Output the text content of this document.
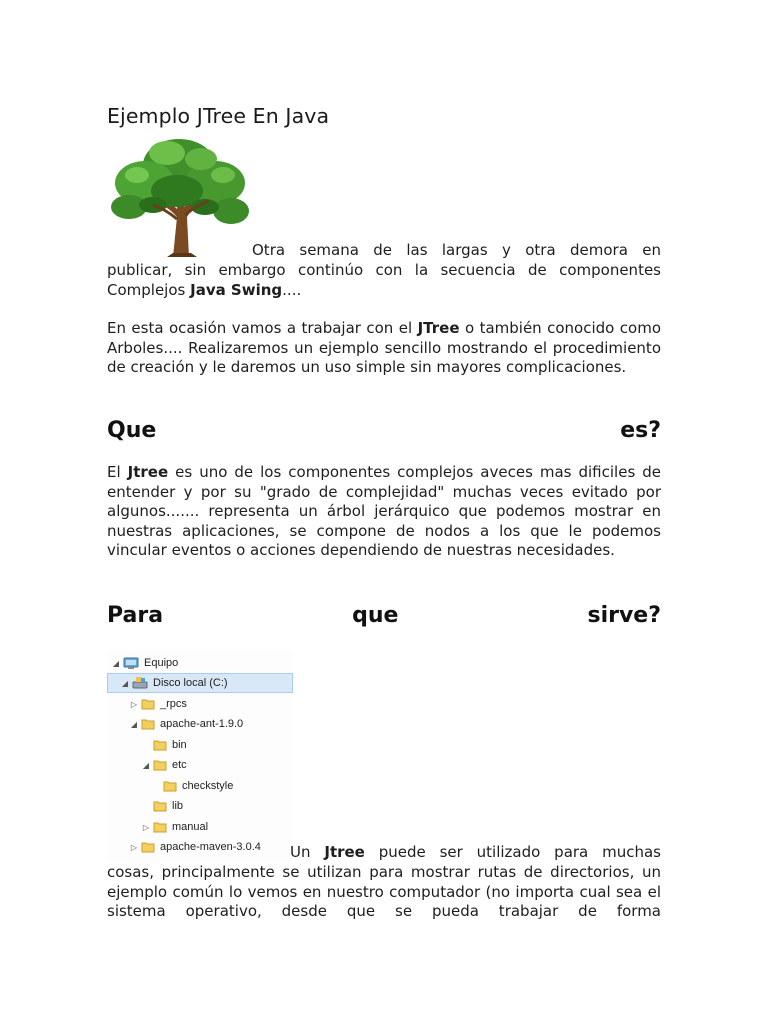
Ejemplo JTree En Java
Otra semana de las largas y otra demora en
publicar, sin embargo continúo con la secuencia de componentes
Complejos Java Swing....

En esta ocasión vamos a trabajar con el JTree o también conocido como Arboles.... Realizaremos un ejemplo sencillo mostrando el procedimiento de creación y le daremos un uso simple sin mayores complicaciones.

Que	es?

El Jtree es uno de los componentes complejos aveces mas dificiles de entender y por su "grado de complejidad" muchas veces evitado por algunos....... representa un árbol jerárquico que podemos mostrar en nuestras aplicaciones, se compone de nodos a los que le podemos vincular eventos o acciones dependiendo de nuestras necesidades.

Para	que	sirve?
◢ Equipo
◢ Disco local (C:)
▷ _rpcs
◢ apache-ant-1.9.0
bin
◢ etc
checkstyle
lib
▷ manual
▷ apache-maven-3.0.4 Un Jtree puede ser utilizado para muchas

cosas, principalmente se utilizan para mostrar rutas de directorios, un ejemplo común lo vemos en nuestro computador (no importa cual sea el sistema operativo, desde que se pueda trabajar de forma
